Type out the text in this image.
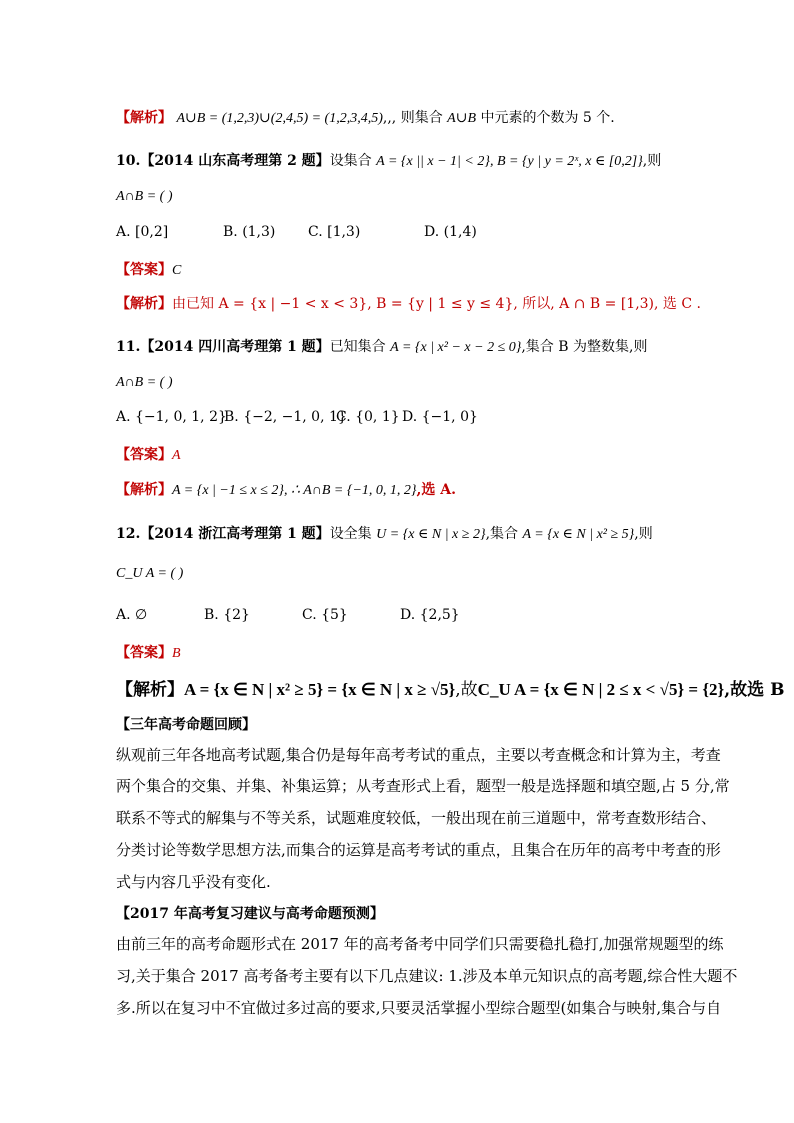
【解析】 A∪B = (1,2,3)∪(2,4,5) = (1,2,3,4,5),,, 则集合 A∪B 中元素的个数为 5 个.
10.【2014 山东高考理第 2 题】设集合 A = {x || x − 1| < 2}, B = {y | y = 2ˣ, x ∈ [0,2]},则
A∩B = ( )
A. [0,2]	B. (1,3) C. [1,3)	D. (1,4)
【答案】C
【解析】由已知 A = {x | −1 < x < 3}, B = {y | 1 ≤ y ≤ 4}, 所以, A ∩ B = [1,3), 选 C .
11.【2014 四川高考理第 1 题】已知集合 A = {x | x² − x − 2 ≤ 0},集合 B 为整数集,则
A∩B = ( )
A. {−1, 0, 1, 2}B. {−2, −1, 0, 1}C. {0, 1} D. {−1, 0}
【答案】A
【解析】A = {x | −1 ≤ x ≤ 2}, ∴ A∩B = {−1, 0, 1, 2},选 A.
12.【2014 浙江高考理第 1 题】设全集 U = {x ∈ N | x ≥ 2},集合 A = {x ∈ N | x² ≥ 5},则
C_U A = ( )
A. ∅	B. {2}	C. {5}	D. {2,5}
【答案】B
【解析】A = {x ∈ N | x² ≥ 5} = {x ∈ N | x ≥ √5},故C_U A = {x ∈ N | 2 ≤ x < √5} = {2},故选 B
【三年高考命题回顾】
纵观前三年各地高考试题,集合仍是每年高考考试的重点，主要以考查概念和计算为主，考查
两个集合的交集、并集、补集运算；从考查形式上看，题型一般是选择题和填空题,占 5 分,常
联系不等式的解集与不等关系，试题难度较低，一般出现在前三道题中，常考查数形结合、
分类讨论等数学思想方法,而集合的运算是高考考试的重点，且集合在历年的高考中考查的形
式与内容几乎没有变化.
【2017 年高考复习建议与高考命题预测】
由前三年的高考命题形式在 2017 年的高考备考中同学们只需要稳扎稳打,加强常规题型的练
习,关于集合 2017 高考备考主要有以下几点建议: 1.涉及本单元知识点的高考题,综合性大题不
多.所以在复习中不宜做过多过高的要求,只要灵活掌握小型综合题型(如集合与映射,集合与自
